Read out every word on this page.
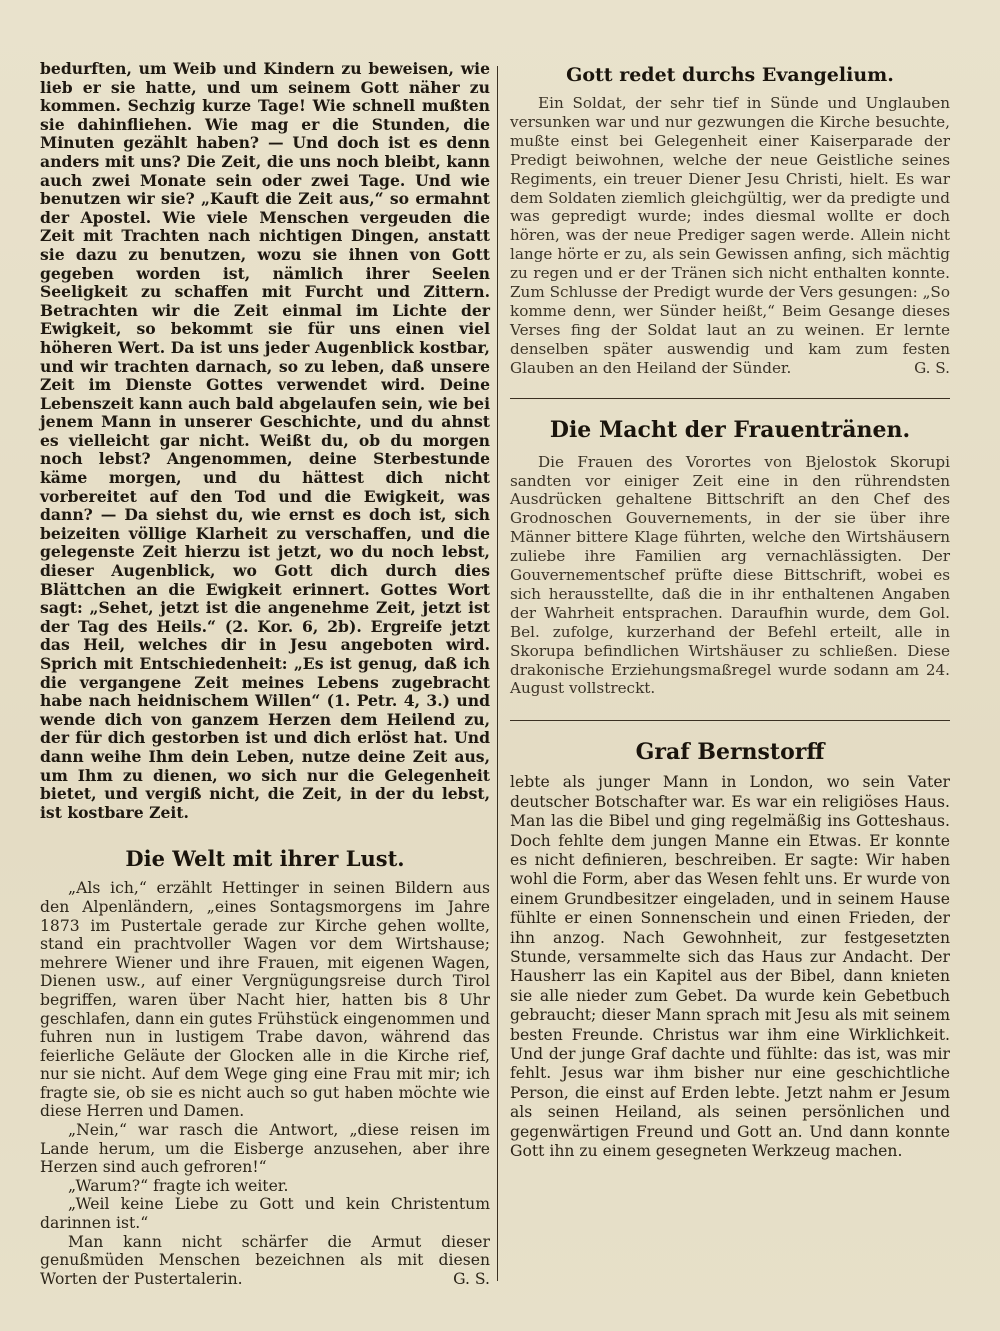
bedurften, um Weib und Kindern zu beweisen, wie lieb er sie hatte, und um seinem Gott näher zu kommen. Sechzig kurze Tage! Wie schnell mußten sie dahinfliehen. Wie mag er die Stunden, die Minuten gezählt haben? — Und doch ist es denn anders mit uns? Die Zeit, die uns noch bleibt, kann auch zwei Monate sein oder zwei Tage. Und wie benutzen wir sie? „Kauft die Zeit aus,“ so ermahnt der Apostel. Wie viele Menschen vergeuden die Zeit mit Trachten nach nichtigen Dingen, anstatt sie dazu zu benutzen, wozu sie ihnen von Gott gegeben worden ist, nämlich ihrer Seelen Seeligkeit zu schaffen mit Furcht und Zittern. Betrachten wir die Zeit einmal im Lichte der Ewigkeit, so bekommt sie für uns einen viel höheren Wert. Da ist uns jeder Augenblick kostbar, und wir trachten darnach, so zu leben, daß unsere Zeit im Dienste Gottes verwendet wird. Deine Lebenszeit kann auch bald abgelaufen sein, wie bei jenem Mann in unserer Geschichte, und du ahnst es vielleicht gar nicht. Weißt du, ob du morgen noch lebst? Angenommen, deine Sterbestunde käme morgen, und du hättest dich nicht vorbereitet auf den Tod und die Ewigkeit, was dann? — Da siehst du, wie ernst es doch ist, sich beizeiten völlige Klarheit zu verschaffen, und die gelegenste Zeit hierzu ist jetzt, wo du noch lebst, dieser Augenblick, wo Gott dich durch dies Blättchen an die Ewigkeit erinnert. Gottes Wort sagt: „Sehet, jetzt ist die angenehme Zeit, jetzt ist der Tag des Heils.“ (2. Kor. 6, 2b). Ergreife jetzt das Heil, welches dir in Jesu angeboten wird. Sprich mit Entschiedenheit: „Es ist genug, daß ich die vergangene Zeit meines Lebens zugebracht habe nach heidnischem Willen“ (1. Petr. 4, 3.) und wende dich von ganzem Herzen dem Heilend zu, der für dich gestorben ist und dich erlöst hat. Und dann weihe Ihm dein Leben, nutze deine Zeit aus, um Ihm zu dienen, wo sich nur die Gelegenheit bietet, und vergiß nicht, die Zeit, in der du lebst, ist kostbare Zeit.

Die Welt mit ihrer Lust.

„Als ich,“ erzählt Hettinger in seinen Bildern aus den Alpenländern, „eines Sontagsmorgens im Jahre 1873 im Pustertale gerade zur Kirche gehen wollte, stand ein prachtvoller Wagen vor dem Wirtshause; mehrere Wiener und ihre Frauen, mit eigenen Wagen, Dienen usw., auf einer Vergnügungsreise durch Tirol begriffen, waren über Nacht hier, hatten bis 8 Uhr geschlafen, dann ein gutes Frühstück eingenommen und fuhren nun in lustigem Trabe davon, während das feierliche Geläute der Glocken alle in die Kirche rief, nur sie nicht. Auf dem Wege ging eine Frau mit mir; ich fragte sie, ob sie es nicht auch so gut haben möchte wie diese Herren und Damen.

„Nein,“ war rasch die Antwort, „diese reisen im Lande herum, um die Eisberge anzusehen, aber ihre Herzen sind auch gefroren!“

„Warum?“ fragte ich weiter.

„Weil keine Liebe zu Gott und kein Christentum darinnen ist.“

Man kann nicht schärfer die Armut dieser genußmüden Menschen bezeichnen als mit diesen Worten der Pustertalerin.	G. S.

Gott redet durchs Evangelium.

Ein Soldat, der sehr tief in Sünde und Unglauben versunken war und nur gezwungen die Kirche besuchte, mußte einst bei Gelegenheit einer Kaiserparade der Predigt beiwohnen, welche der neue Geistliche seines Regiments, ein treuer Diener Jesu Christi, hielt. Es war dem Soldaten ziemlich gleichgültig, wer da predigte und was gepredigt wurde; indes diesmal wollte er doch hören, was der neue Prediger sagen werde. Allein nicht lange hörte er zu, als sein Gewissen anfing, sich mächtig zu regen und er der Tränen sich nicht enthalten konnte. Zum Schlusse der Predigt wurde der Vers gesungen: „So komme denn, wer Sünder heißt,“ Beim Gesange dieses Verses fing der Soldat laut an zu weinen. Er lernte denselben später auswendig und kam zum festen Glauben an den Heiland der Sünder.	G. S.

Die Macht der Frauentränen.

Die Frauen des Vorortes von Bjelostok Skorupi sandten vor einiger Zeit eine in den rührendsten Ausdrücken gehaltene Bittschrift an den Chef des Grodnoschen Gouvernements, in der sie über ihre Männer bittere Klage führten, welche den Wirtshäusern zuliebe ihre Familien arg vernachlässigten. Der Gouvernementschef prüfte diese Bittschrift, wobei es sich herausstellte, daß die in ihr enthaltenen Angaben der Wahrheit entsprachen. Daraufhin wurde, dem Gol. Bel. zufolge, kurzerhand der Befehl erteilt, alle in Skorupa befindlichen Wirtshäuser zu schließen. Diese drakonische Erziehungsmaßregel wurde sodann am 24. August vollstreckt.

Graf Bernstorff

lebte als junger Mann in London, wo sein Vater deutscher Botschafter war. Es war ein religiöses Haus. Man las die Bibel und ging regelmäßig ins Gotteshaus. Doch fehlte dem jungen Manne ein Etwas. Er konnte es nicht definieren, beschreiben. Er sagte: Wir haben wohl die Form, aber das Wesen fehlt uns. Er wurde von einem Grundbesitzer eingeladen, und in seinem Hause fühlte er einen Sonnenschein und einen Frieden, der ihn anzog. Nach Gewohnheit, zur festgesetzten Stunde, versammelte sich das Haus zur Andacht. Der Hausherr las ein Kapitel aus der Bibel, dann knieten sie alle nieder zum Gebet. Da wurde kein Gebetbuch gebraucht; dieser Mann sprach mit Jesu als mit seinem besten Freunde. Christus war ihm eine Wirklichkeit. Und der junge Graf dachte und fühlte: das ist, was mir fehlt. Jesus war ihm bisher nur eine geschichtliche Person, die einst auf Erden lebte. Jetzt nahm er Jesum als seinen Heiland, als seinen persönlichen und gegenwärtigen Freund und Gott an. Und dann konnte Gott ihn zu einem gesegneten Werkzeug machen.
